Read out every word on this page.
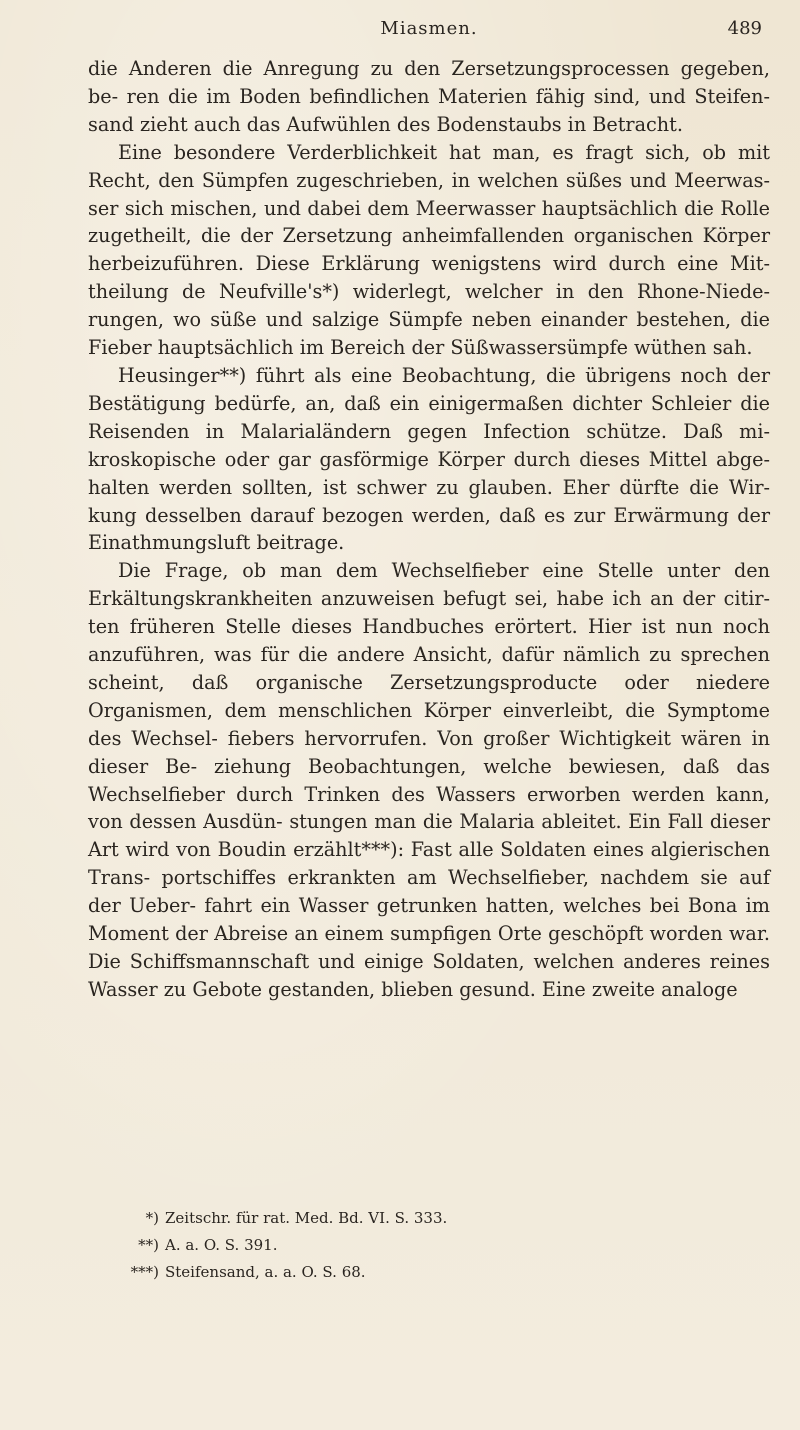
Miasmen.	489

die Anderen die Anregung zu den Zersetzungsprocessen gegeben, be- ren die im Boden befindlichen Materien fähig sind, und Steifen- sand zieht auch das Aufwühlen des Bodenstaubs in Betracht.

Eine besondere Verderblichkeit hat man, es fragt sich, ob mit Recht, den Sümpfen zugeschrieben, in welchen süßes und Meerwas- ser sich mischen, und dabei dem Meerwasser hauptsächlich die Rolle zugetheilt, die der Zersetzung anheimfallenden organischen Körper herbeizuführen. Diese Erklärung wenigstens wird durch eine Mit- theilung de Neufville's*) widerlegt, welcher in den Rhone-Niede- rungen, wo süße und salzige Sümpfe neben einander bestehen, die Fieber hauptsächlich im Bereich der Süßwassersümpfe wüthen sah.

Heusinger**) führt als eine Beobachtung, die übrigens noch der Bestätigung bedürfe, an, daß ein einigermaßen dichter Schleier die Reisenden in Malarialändern gegen Infection schütze. Daß mi- kroskopische oder gar gasförmige Körper durch dieses Mittel abge- halten werden sollten, ist schwer zu glauben. Eher dürfte die Wir- kung desselben darauf bezogen werden, daß es zur Erwärmung der Einathmungsluft beitrage.

Die Frage, ob man dem Wechselfieber eine Stelle unter den Erkältungskrankheiten anzuweisen befugt sei, habe ich an der citir- ten früheren Stelle dieses Handbuches erörtert. Hier ist nun noch anzuführen, was für die andere Ansicht, dafür nämlich zu sprechen scheint, daß organische Zersetzungsproducte oder niedere Organismen, dem menschlichen Körper einverleibt, die Symptome des Wechsel- fiebers hervorrufen. Von großer Wichtigkeit wären in dieser Be- ziehung Beobachtungen, welche bewiesen, daß das Wechselfieber durch Trinken des Wassers erworben werden kann, von dessen Ausdün- stungen man die Malaria ableitet. Ein Fall dieser Art wird von Boudin erzählt***): Fast alle Soldaten eines algierischen Trans- portschiffes erkrankten am Wechselfieber, nachdem sie auf der Ueber- fahrt ein Wasser getrunken hatten, welches bei Bona im Moment der Abreise an einem sumpfigen Orte geschöpft worden war. Die Schiffsmannschaft und einige Soldaten, welchen anderes reines Wasser zu Gebote gestanden, blieben gesund. Eine zweite analoge

*) Zeitschr. für rat. Med. Bd. VI. S. 333.
**) A. a. O. S. 391.
***) Steifensand, a. a. O. S. 68.
